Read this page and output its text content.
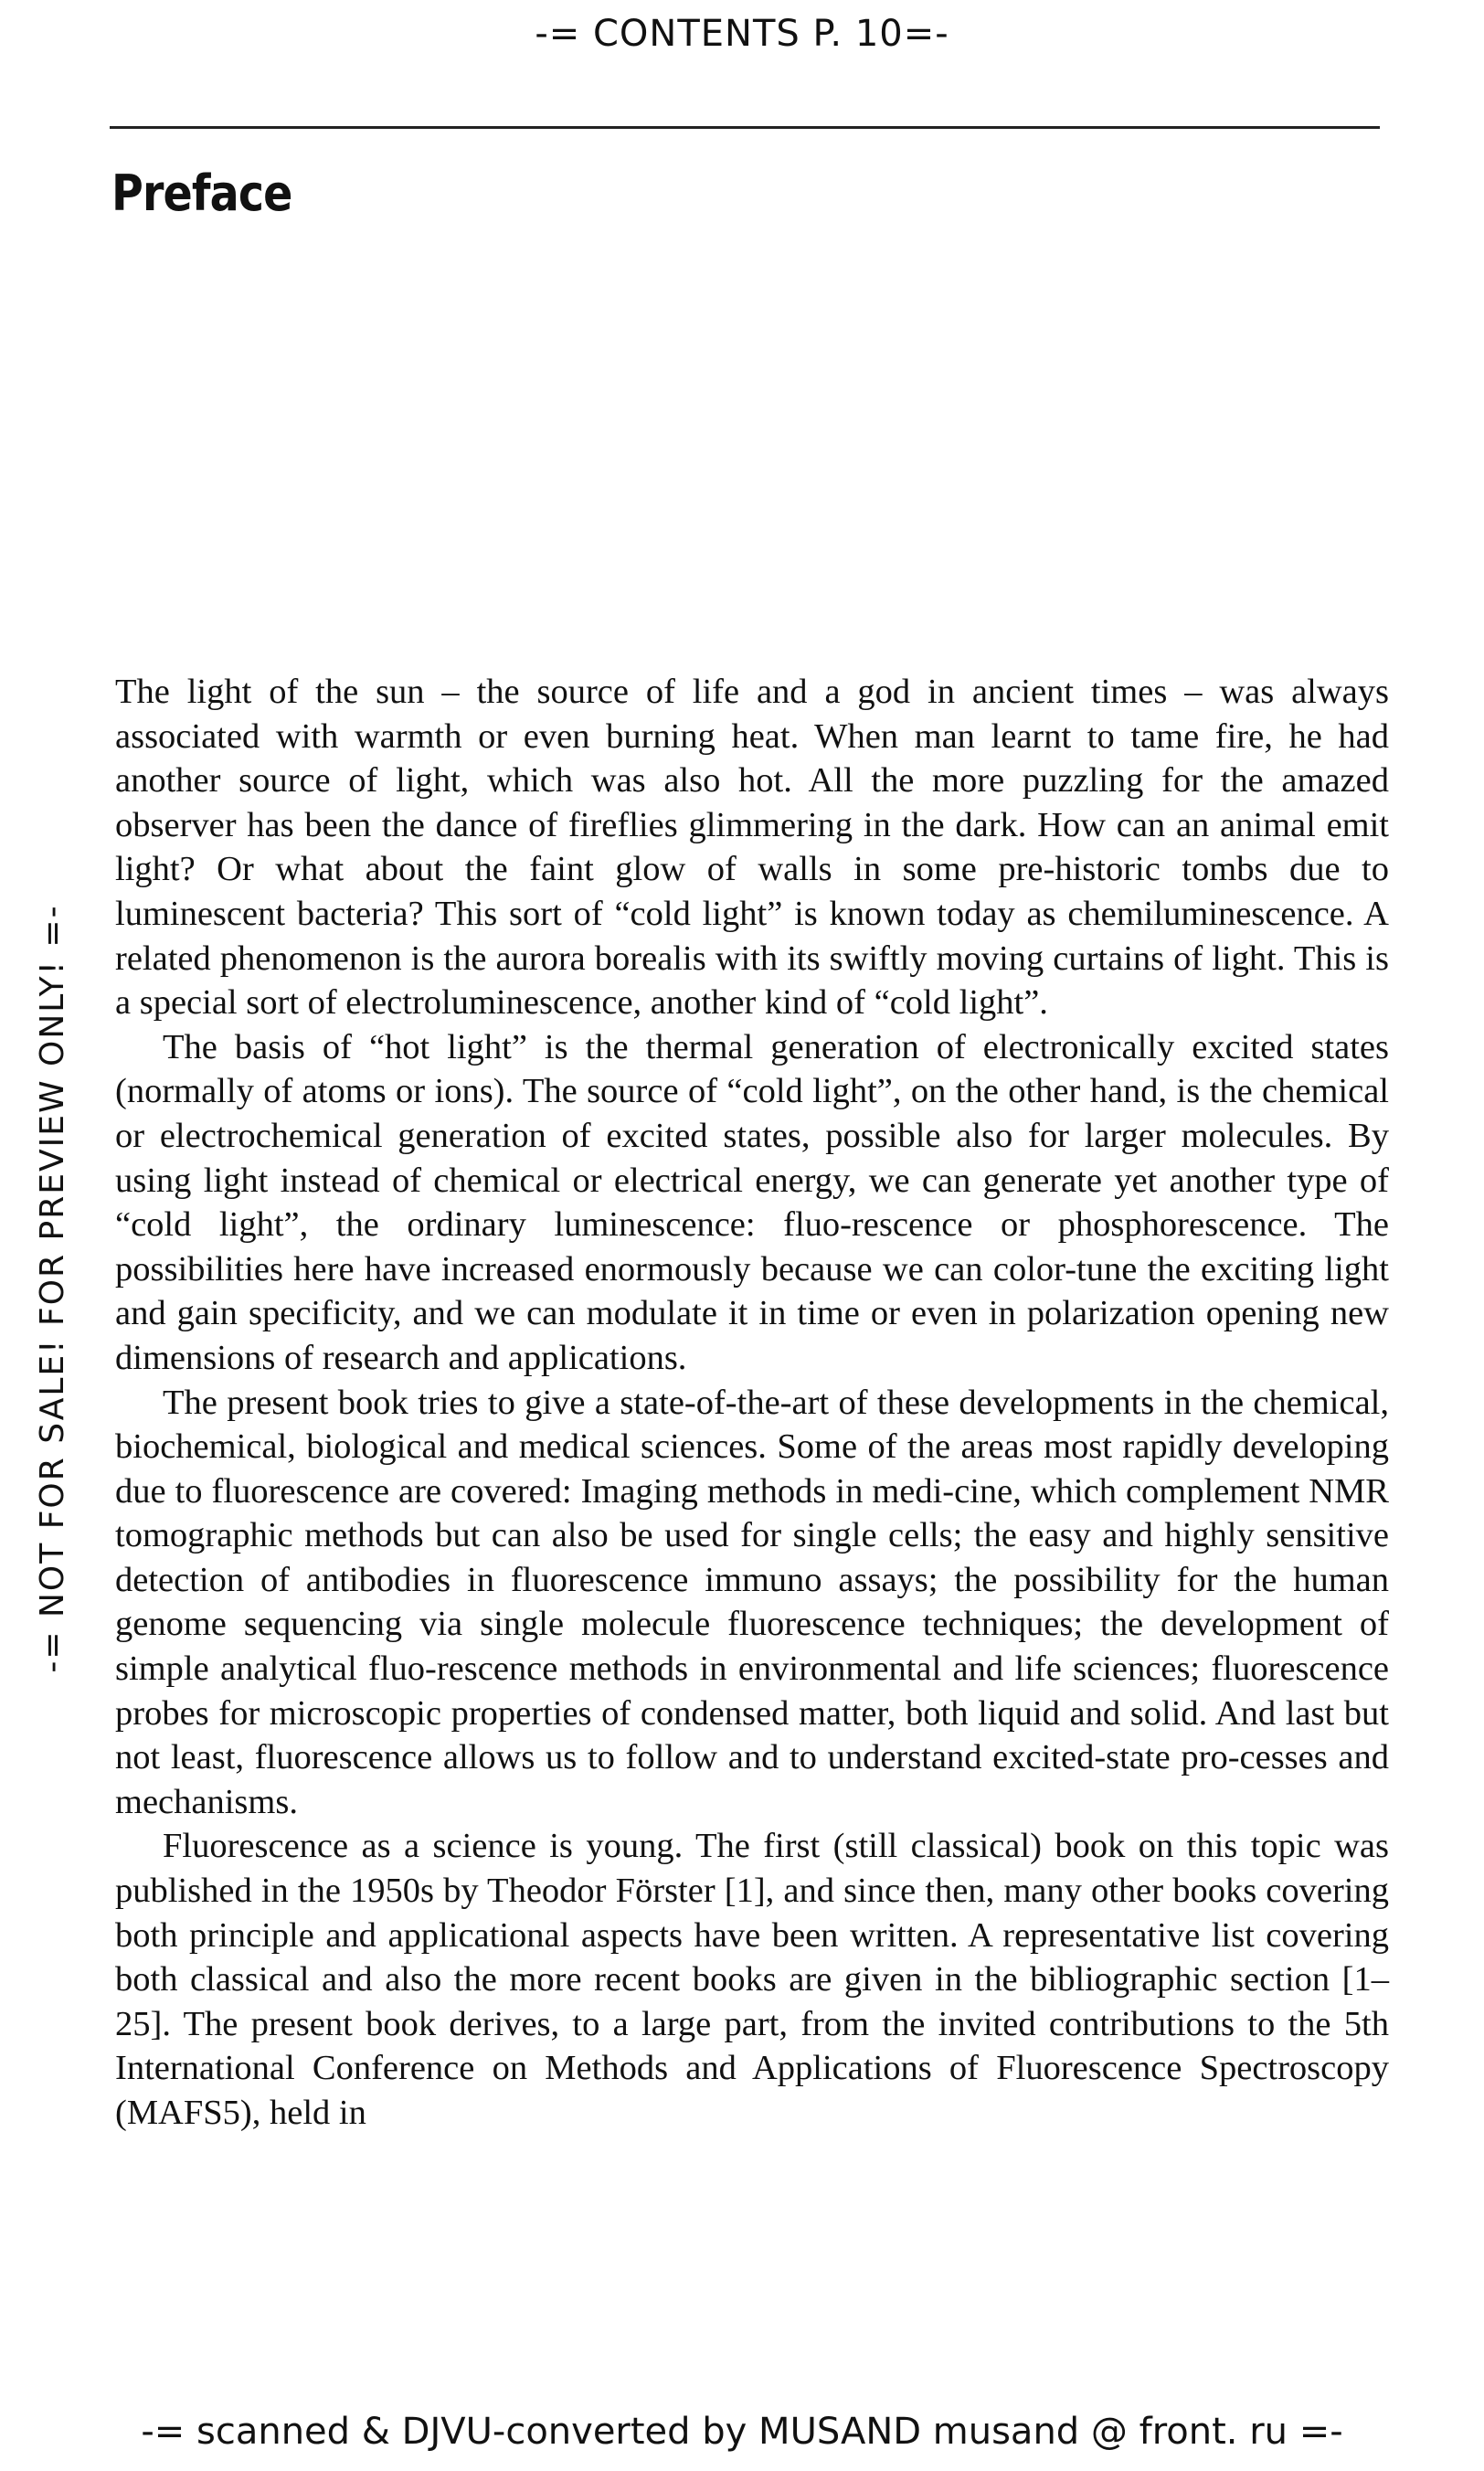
-= CONTENTS P. 10=-
Preface
-= NOT FOR SALE! FOR PREVIEW ONLY! =-

The light of the sun – the source of life and a god in ancient times – was always associated with warmth or even burning heat. When man learnt to tame fire, he had another source of light, which was also hot. All the more puzzling for the amazed observer has been the dance of fireflies glimmering in the dark. How can an animal emit light? Or what about the faint glow of walls in some pre-historic tombs due to luminescent bacteria? This sort of “cold light” is known today as chemiluminescence. A related phenomenon is the aurora borealis with its swiftly moving curtains of light. This is a special sort of electroluminescence, another kind of “cold light”.

The basis of “hot light” is the thermal generation of electronically excited states (normally of atoms or ions). The source of “cold light”, on the other hand, is the chemical or electrochemical generation of excited states, possible also for larger molecules. By using light instead of chemical or electrical energy, we can generate yet another type of “cold light”, the ordinary luminescence: fluo-rescence or phosphorescence. The possibilities here have increased enormously because we can color-tune the exciting light and gain specificity, and we can modulate it in time or even in polarization opening new dimensions of research and applications.

The present book tries to give a state-of-the-art of these developments in the chemical, biochemical, biological and medical sciences. Some of the areas most rapidly developing due to fluorescence are covered: Imaging methods in medi-cine, which complement NMR tomographic methods but can also be used for single cells; the easy and highly sensitive detection of antibodies in fluorescence immuno assays; the possibility for the human genome sequencing via single molecule fluorescence techniques; the development of simple analytical fluo-rescence methods in environmental and life sciences; fluorescence probes for microscopic properties of condensed matter, both liquid and solid. And last but not least, fluorescence allows us to follow and to understand excited-state pro-cesses and mechanisms.

Fluorescence as a science is young. The first (still classical) book on this topic was published in the 1950s by Theodor Förster [1], and since then, many other books covering both principle and applicational aspects have been written. A representative list covering both classical and also the more recent books are given in the bibliographic section [1–25]. The present book derives, to a large part, from the invited contributions to the 5th International Conference on Methods and Applications of Fluorescence Spectroscopy (MAFS5), held in

-= scanned & DJVU-converted by MUSAND musand @ front. ru =-
